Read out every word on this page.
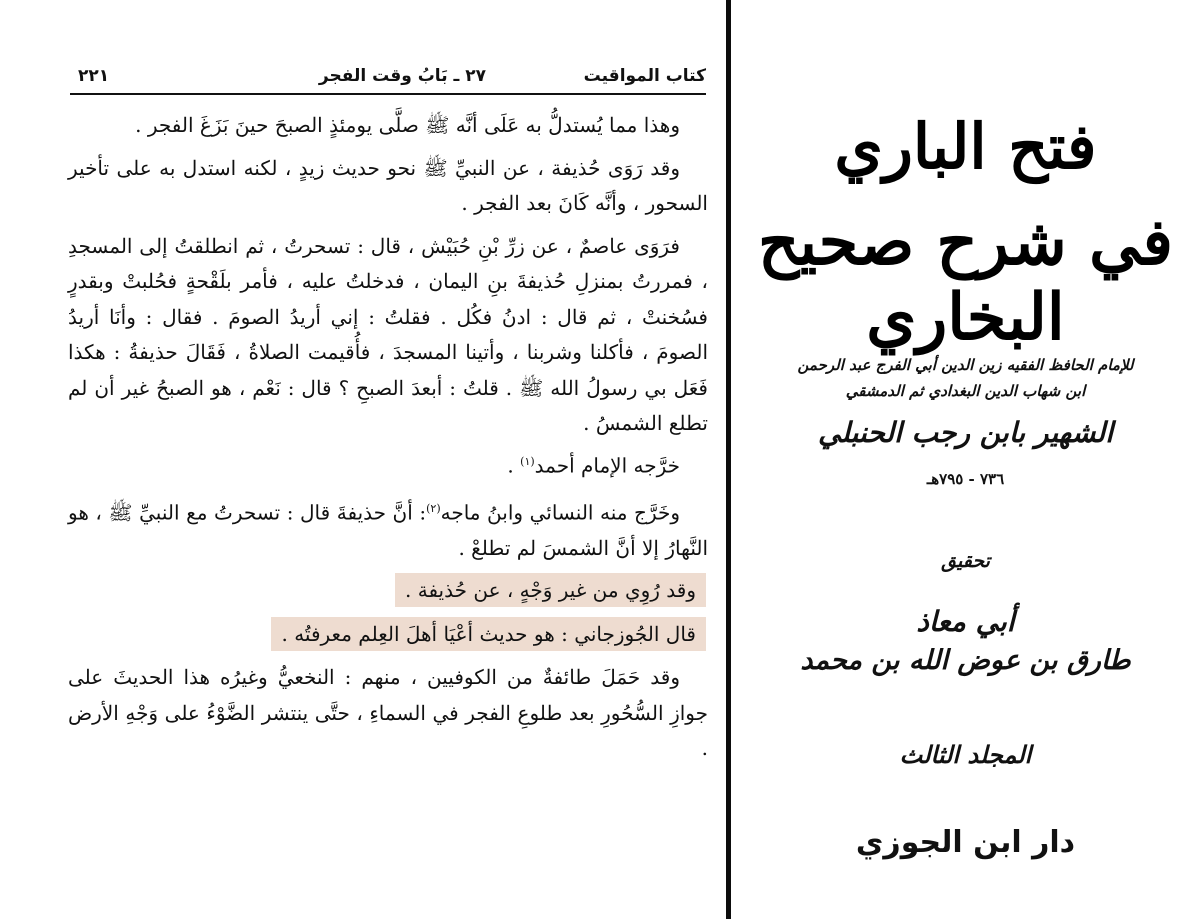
كتاب المواقيت
٢٧ ـ بَابُ وقت الفجر
٢٢١

وهذا مما يُستدلُّ به عَلَى أنَّه ﷺ صلَّى يومئذٍ الصبحَ حينَ بَزَغَ الفجر .

وقد رَوَى حُذيفة ، عن النبيِّ ﷺ نحو حديث زيدٍ ، لكنه استدل به على تأخير السحور ، وأنَّه كَانَ بعد الفجر .

فرَوَى عاصمٌ ، عن زرِّ بْنِ حُبَيْش ، قال : تسحرتُ ، ثم انطلقتُ إلى المسجدِ ، فمررتُ بمنزلِ حُذيفةَ بنِ اليمان ، فدخلتُ عليه ، فأمر بلَقْحةٍ فحُلبتْ وبقدرٍ فسُخنتْ ، ثم قال : ادنُ فكُل . فقلتُ : إني أريدُ الصومَ . فقال : وأنَا أريدُ الصومَ ، فأكلنا وشربنا ، وأتينا المسجدَ ، فأُقيمت الصلاةُ ، فَقَالَ حذيفةُ : هكذا فَعَل بي رسولُ الله ﷺ . قلتُ : أبعدَ الصبحِ ؟ قال : نَعْم ، هو الصبحُ غير أن لم تطلع الشمسُ .

خرَّجه الإمام أحمد$^{(١)}$ .

وخَرَّج منه النسائي وابنُ ماجه$^{(٢)}$: أنَّ حذيفةَ قال : تسحرتُ مع النبيِّ ﷺ ، هو النَّهارُ إلا أنَّ الشمسَ لم تطلعْ .

وقد رُوِي من غير وَجْهٍ ، عن حُذيفة .

قال الجُوزجاني : هو حديث أعْيَا أهلَ العِلم معرفتُه .

وقد حَمَلَ طائفةٌ من الكوفيين ، منهم : النخعيُّ وغيرُه هذا الحديثَ على جوازِ السُّحُورِ بعد طلوعِ الفجر في السماءِ ، حتَّى ينتشر الضَّوْءُ على وَجْهِ الأرض .

فتح الباري
في شرح صحيح البخاري
للإمام الحافظ الفقيه زين الدين أبي الفرج عبد الرحمن
ابن شهاب الدين البغدادي ثم الدمشقي
الشهير بابن رجب الحنبلي
٧٣٦ - ٧٩٥هـ
تحقيق
أبي معاذ
طارق بن عوض الله بن محمد
المجلد الثالث
دار ابن الجوزي
